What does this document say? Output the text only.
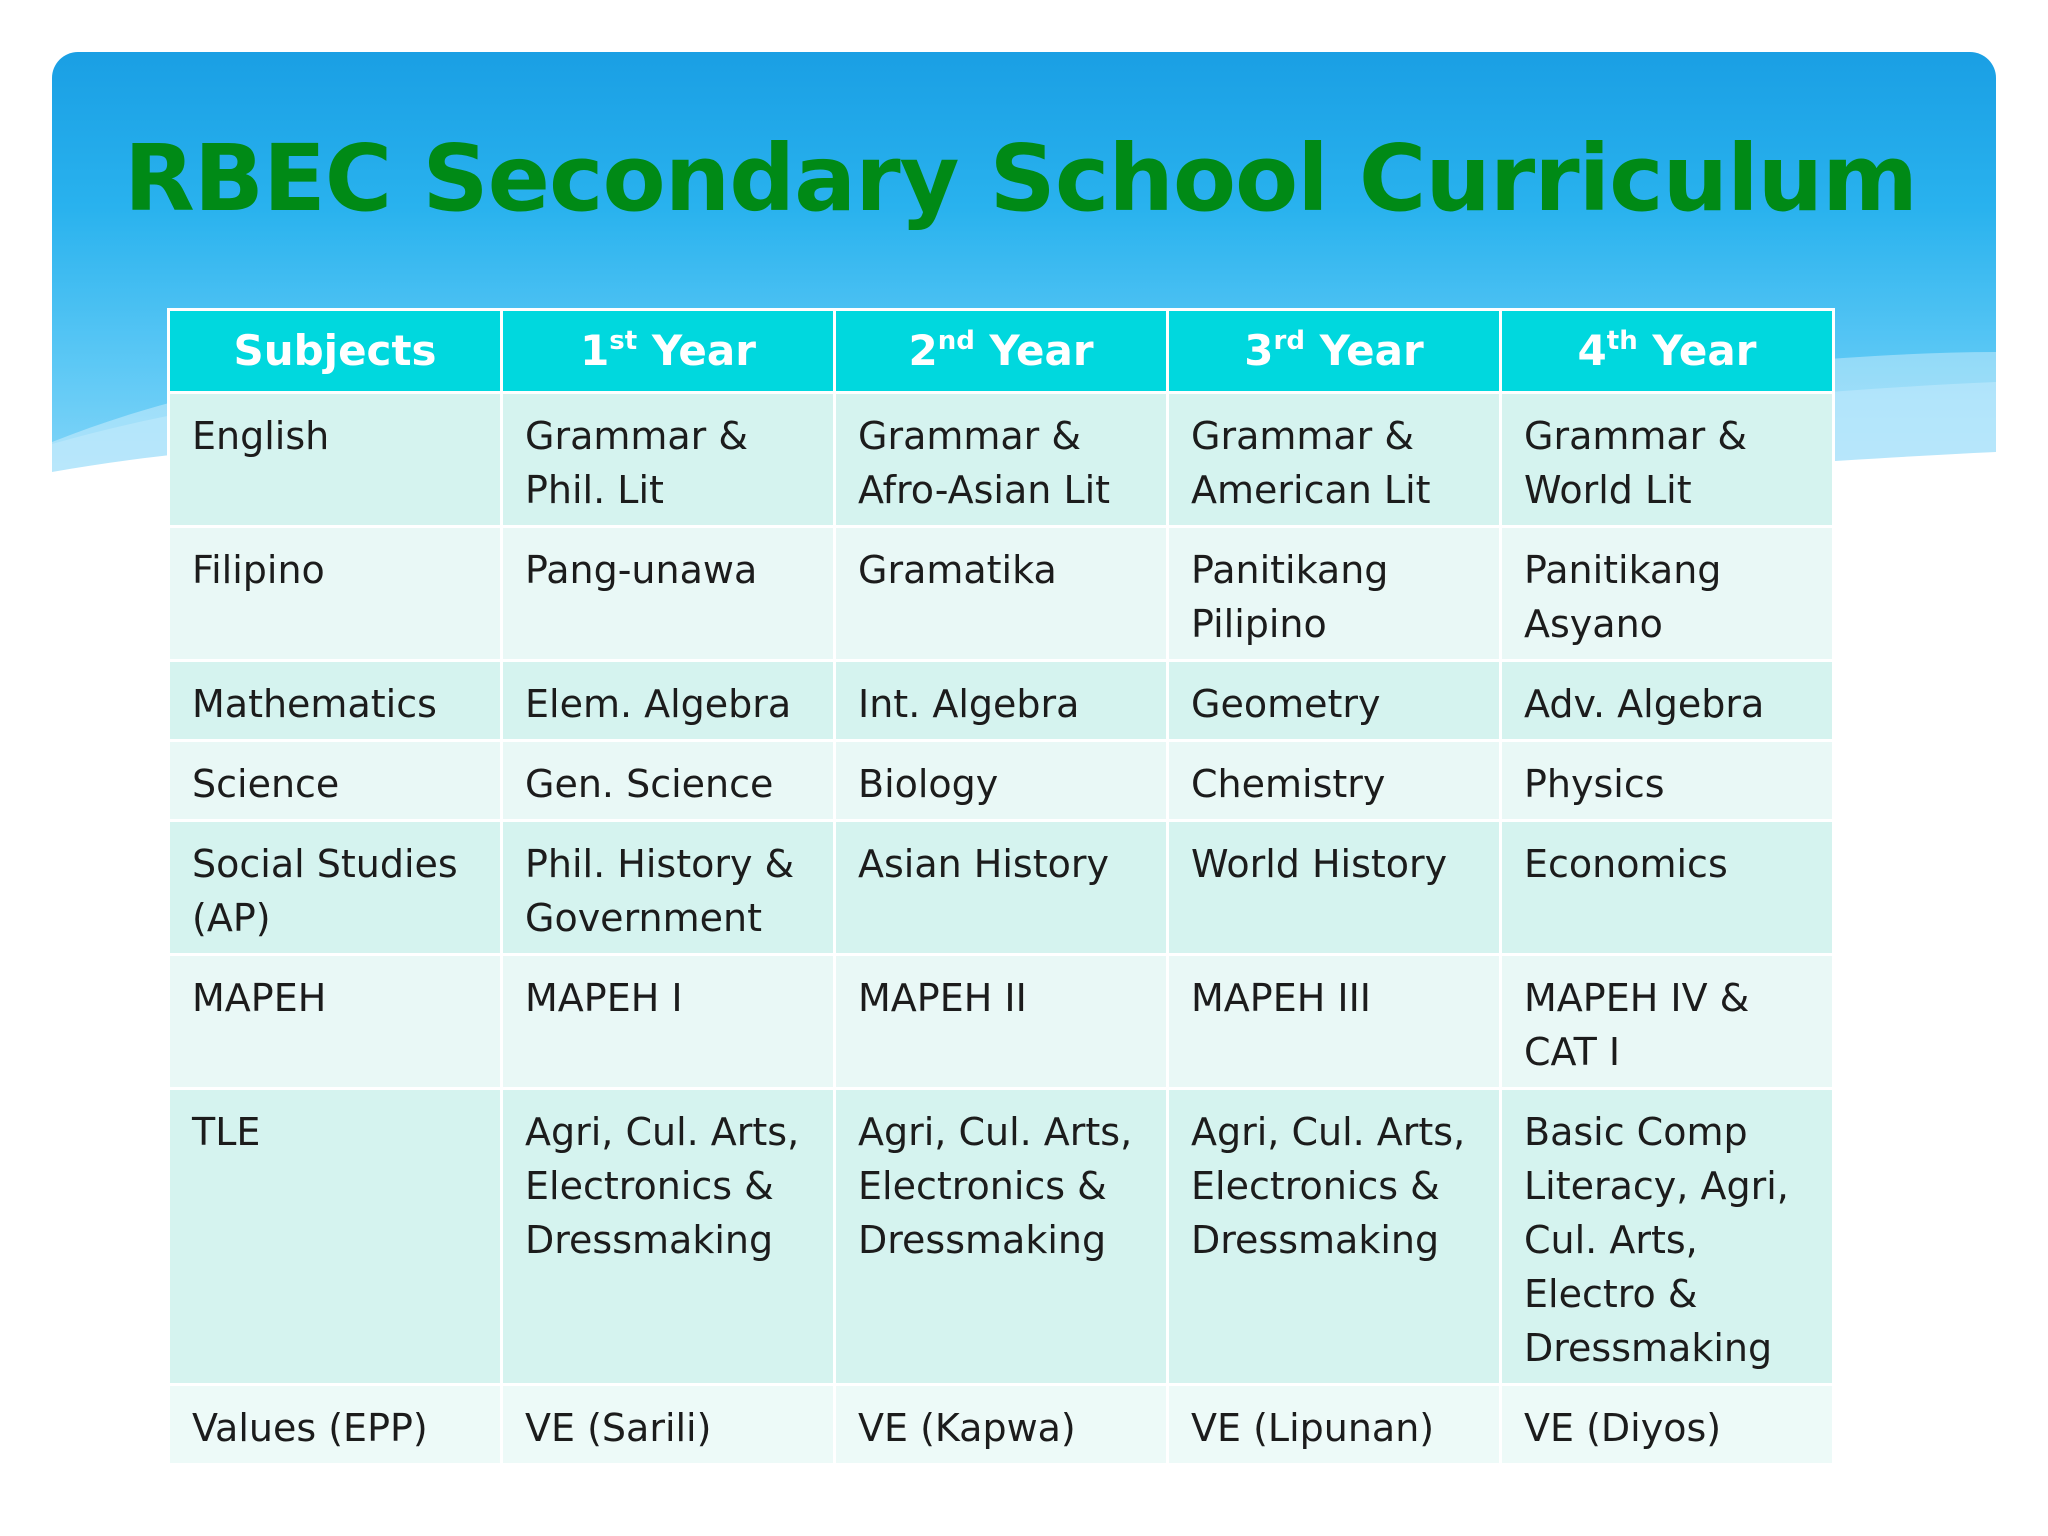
RBEC Secondary School Curriculum
Subjects	1st Year	2nd Year	3rd Year	4th Year
English	Grammar & Phil. Lit	Grammar & Afro-Asian Lit	Grammar & American Lit	Grammar & World Lit
Filipino	Pang-unawa	Gramatika	Panitikang Pilipino	Panitikang Asyano
Mathematics	Elem. Algebra	Int. Algebra	Geometry	Adv. Algebra
Science	Gen. Science	Biology	Chemistry	Physics
Social Studies (AP)	Phil. History & Government	Asian History	World History	Economics
MAPEH	MAPEH I	MAPEH II	MAPEH III	MAPEH IV & CAT I
TLE	Agri, Cul. Arts, Electronics & Dressmaking	Agri, Cul. Arts, Electronics & Dressmaking	Agri, Cul. Arts, Electronics & Dressmaking	Basic Comp Literacy, Agri, Cul. Arts, Electro & Dressmaking
Values (EPP)	VE (Sarili)	VE (Kapwa)	VE (Lipunan)	VE (Diyos)
